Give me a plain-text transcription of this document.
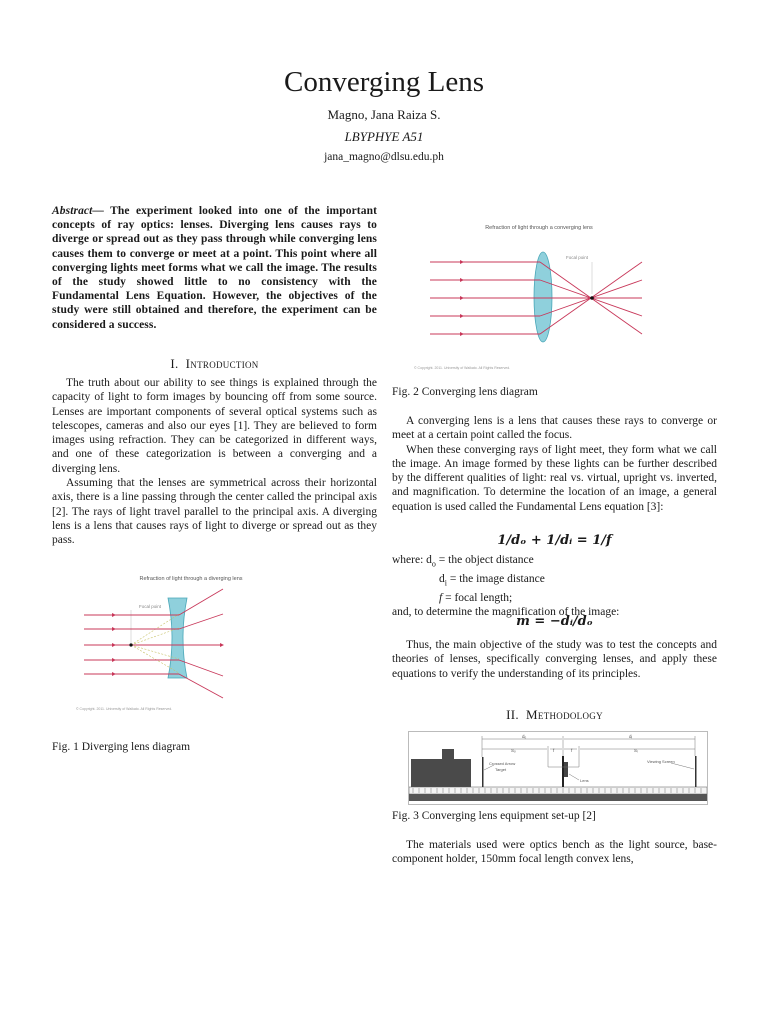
Converging Lens
Magno, Jana Raiza S.
LBYPHYE A51
jana_magno@dlsu.edu.ph
Abstract— The experiment looked into one of the important concepts of ray optics: lenses. Diverging lens causes rays to diverge or spread out as they pass through while converging lens causes them to converge or meet at a point. This point where all converging lights meet forms what we call the image. The results of the study showed little to no consistency with the Fundamental Lens Equation. However, the objectives of the study were still obtained and therefore, the experiment can be considered a success.
I. Introduction

The truth about our ability to see things is explained through the capacity of light to form images by bouncing off from some source. Lenses are important components of several optical systems such as telescopes, cameras and also our eyes [1]. They are believed to form images using refraction. They can be categorized in different ways, and one of these categorization is between a converging and a diverging lens.

Assuming that the lenses are symmetrical across their horizontal axis, there is a line passing through the center called the principal axis [2]. The rays of light travel parallel to the principal axis. A diverging lens is a lens that causes rays of light to diverge or spread out as they pass.

Refraction of light through a diverging lens
Focal point
© Copyright. 2011. University of Waikato. All Rights Reserved.
Fig. 1 Diverging lens diagram
Refraction of light through a converging lens
Focal point
© Copyright. 2011. University of Waikato. All Rights Reserved.
Fig. 2 Converging lens diagram

A converging lens is a lens that causes these rays to converge or meet at a certain point called the focus.

When these converging rays of light meet, they form what we call the image. An image formed by these lights can be further described by the different qualities of light: real vs. virtual, upright vs. inverted, and magnification. To determine the location of an image, a general equation is used called the Fundamental Lens equation [3]:

1/dₒ + 1/dᵢ = 1/f
where: $d_o$ = the object distance
$d_i$ = the image distance
f = focal length;
and, to determine the magnification of the image:
m = −dᵢ/dₒ

Thus, the main objective of the study was to test the concepts and theories of lenses, specifically converging lenses, and apply these equations to verify the understanding of its principles.

II. Methodology
dₒ	dᵢ
Sₒ	f	f	Sᵢ
Crossed Arrow
Target
Lens
Viewing Screen
Fig. 3 Converging lens equipment set-up [2]

The materials used were optics bench as the light source, base-component holder, 150mm focal length convex lens,
